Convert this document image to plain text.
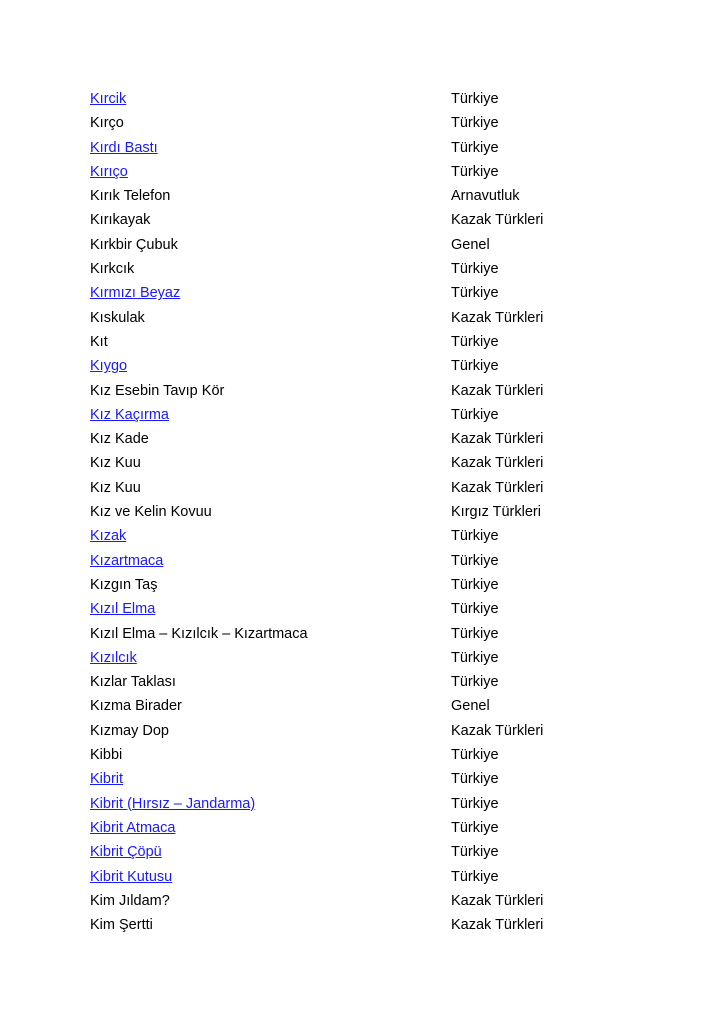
Kırcik	Türkiye
Kırço	Türkiye
Kırdı Bastı	Türkiye
Kırıço	Türkiye
Kırık Telefon	Arnavutluk
Kırıkayak	Kazak Türkleri
Kırkbir Çubuk	Genel
Kırkcık	Türkiye
Kırmızı Beyaz	Türkiye
Kıskulak	Kazak Türkleri
Kıt	Türkiye
Kıygo	Türkiye
Kız Esebin Tavıp Kör	Kazak Türkleri
Kız Kaçırma	Türkiye
Kız Kade	Kazak Türkleri
Kız Kuu	Kazak Türkleri
Kız Kuu	Kazak Türkleri
Kız ve Kelin Kovuu	Kırgız Türkleri
Kızak	Türkiye
Kızartmaca	Türkiye
Kızgın Taş	Türkiye
Kızıl Elma	Türkiye
Kızıl Elma – Kızılcık – Kızartmaca	Türkiye
Kızılcık	Türkiye
Kızlar Taklası	Türkiye
Kızma Birader	Genel
Kızmay Dop	Kazak Türkleri
Kibbi	Türkiye
Kibrit	Türkiye
Kibrit (Hırsız – Jandarma)	Türkiye
Kibrit Atmaca	Türkiye
Kibrit Çöpü	Türkiye
Kibrit Kutusu	Türkiye
Kim Jıldam?	Kazak Türkleri
Kim Şertti	Kazak Türkleri
